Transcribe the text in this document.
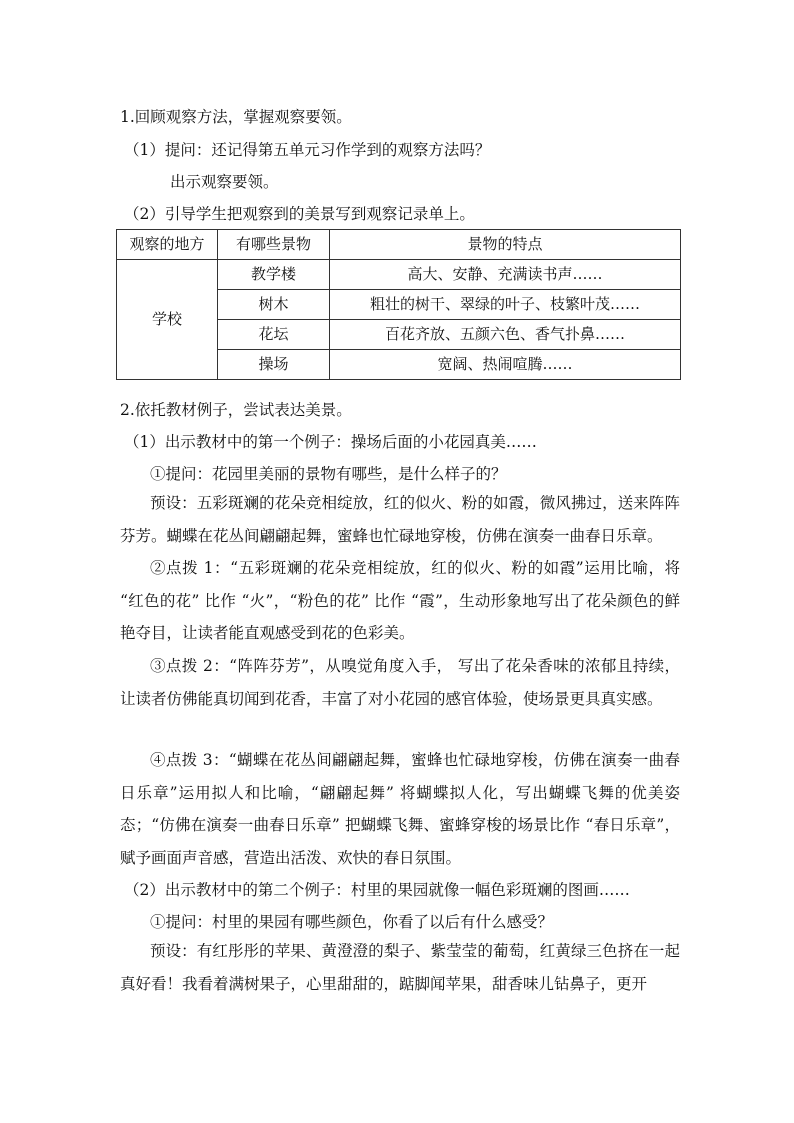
1.回顾观察方法，掌握观察要领。
（1）提问：还记得第五单元习作学到的观察方法吗？
出示观察要领。
（2）引导学生把观察到的美景写到观察记录单上。
观察的地方	有哪些景物	景物的特点
学校	教学楼	高大、安静、充满读书声……
	树木	粗壮的树干、翠绿的叶子、枝繁叶茂……
	花坛	百花齐放、五颜六色、香气扑鼻……
	操场	宽阔、热闹喧腾……
2.依托教材例子，尝试表达美景。
（1）出示教材中的第一个例子：操场后面的小花园真美……
①提问：花园里美丽的景物有哪些，是什么样子的？
预设：五彩斑斓的花朵竞相绽放，红的似火、粉的如霞，微风拂过，送来阵阵芬芳。蝴蝶在花丛间翩翩起舞，蜜蜂也忙碌地穿梭，仿佛在演奏一曲春日乐章。
②点拨 1：“五彩斑斓的花朵竞相绽放，红的似火、粉的如霞”运用比喻，将 “红色的花” 比作 “火”，“粉色的花” 比作 “霞”，生动形象地写出了花朵颜色的鲜艳夺目，让读者能直观感受到花的色彩美。
③点拨 2：“阵阵芬芳”，从嗅觉角度入手， 写出了花朵香味的浓郁且持续，让读者仿佛能真切闻到花香，丰富了对小花园的感官体验，使场景更具真实感。
④点拨 3：“蝴蝶在花丛间翩翩起舞，蜜蜂也忙碌地穿梭，仿佛在演奏一曲春日乐章”运用拟人和比喻，“翩翩起舞” 将蝴蝶拟人化，写出蝴蝶飞舞的优美姿态；“仿佛在演奏一曲春日乐章” 把蝴蝶飞舞、蜜蜂穿梭的场景比作 “春日乐章”，赋予画面声音感，营造出活泼、欢快的春日氛围。
（2）出示教材中的第二个例子：村里的果园就像一幅色彩斑斓的图画……
①提问：村里的果园有哪些颜色，你看了以后有什么感受？
预设：有红彤彤的苹果、黄澄澄的梨子、紫莹莹的葡萄，红黄绿三色挤在一起真好看！我看着满树果子，心里甜甜的，踮脚闻苹果，甜香味儿钻鼻子，更开
